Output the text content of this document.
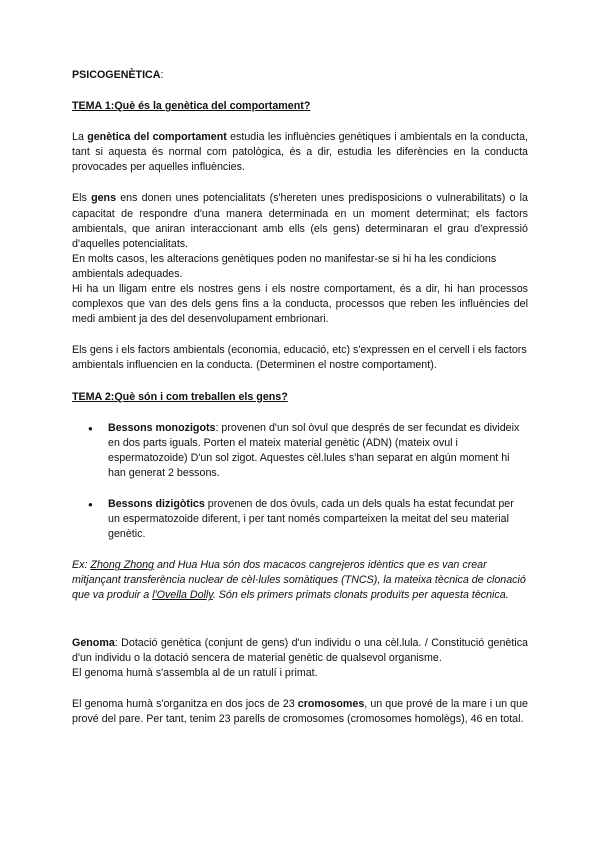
PSICOGENÈTICA:

TEMA 1:Què és la genètica del comportament?

La genètica del comportament estudia les influències genètiques i ambientals en la conducta, tant si aquesta és normal com patològica, és a dir, estudia les diferències en la conducta provocades per aquelles influències.

Els gens ens donen unes potencialitats (s'hereten unes predisposicions o vulnerabilitats) o la capacitat de respondre d'una manera determinada en un moment determinat; els factors ambientals, que aniran interaccionant amb ells (els gens) determinaran el grau d'expressió d'aquelles potencialitats.

En molts casos, les alteracions genètiques poden no manifestar-se si hi ha les condicions ambientals adequades.

Hi ha un lligam entre els nostres gens i els nostre comportament, és a dir, hi han processos complexos que van des dels gens fins a la conducta, processos que reben les influències del medi ambient ja des del desenvolupament embrionari.

Els gens i els factors ambientals (economia, educació, etc) s'expressen en el cervell i els factors ambientals influencien en la conducta. (Determinen el nostre comportament).

TEMA 2:Què són i com treballen els gens?

● Bessons monozigots: provenen d'un sol òvul que després de ser fecundat es divideix en dos parts iguals. Porten el mateix material genètic (ADN) (mateix ovul i espermatozoide) D'un sol zigot. Aquestes cèl.lules s'han separat en algún moment hi han generat 2 bessons.
● Bessons dizigòtics provenen de dos òvuls, cada un dels quals ha estat fecundat per un espermatozoide diferent, i per tant només comparteixen la meitat del seu material genètic.

Ex: Zhong Zhong and Hua Hua són dos macacos cangrejeros idèntics que es van crear mitjançant transferència nuclear de cèl·lules somàtiques (TNCS), la mateixa tècnica de clonació que va produir a l'Ovella Dolly. Són els primers primats clonats produïts per aquesta tècnica.

Genoma: Dotació genètica (conjunt de gens) d'un individu o una cèl.lula. / Constitució genètica d'un individu o la dotació sencera de material genètic de qualsevol organisme.

El genoma humà s'assembla al de un ratulí i primat.

El genoma humà s'organitza en dos jocs de 23 cromosomes, un que prové de la mare i un que prové del pare. Per tant, tenim 23 parells de cromosomes (cromosomes homolègs), 46 en total.
